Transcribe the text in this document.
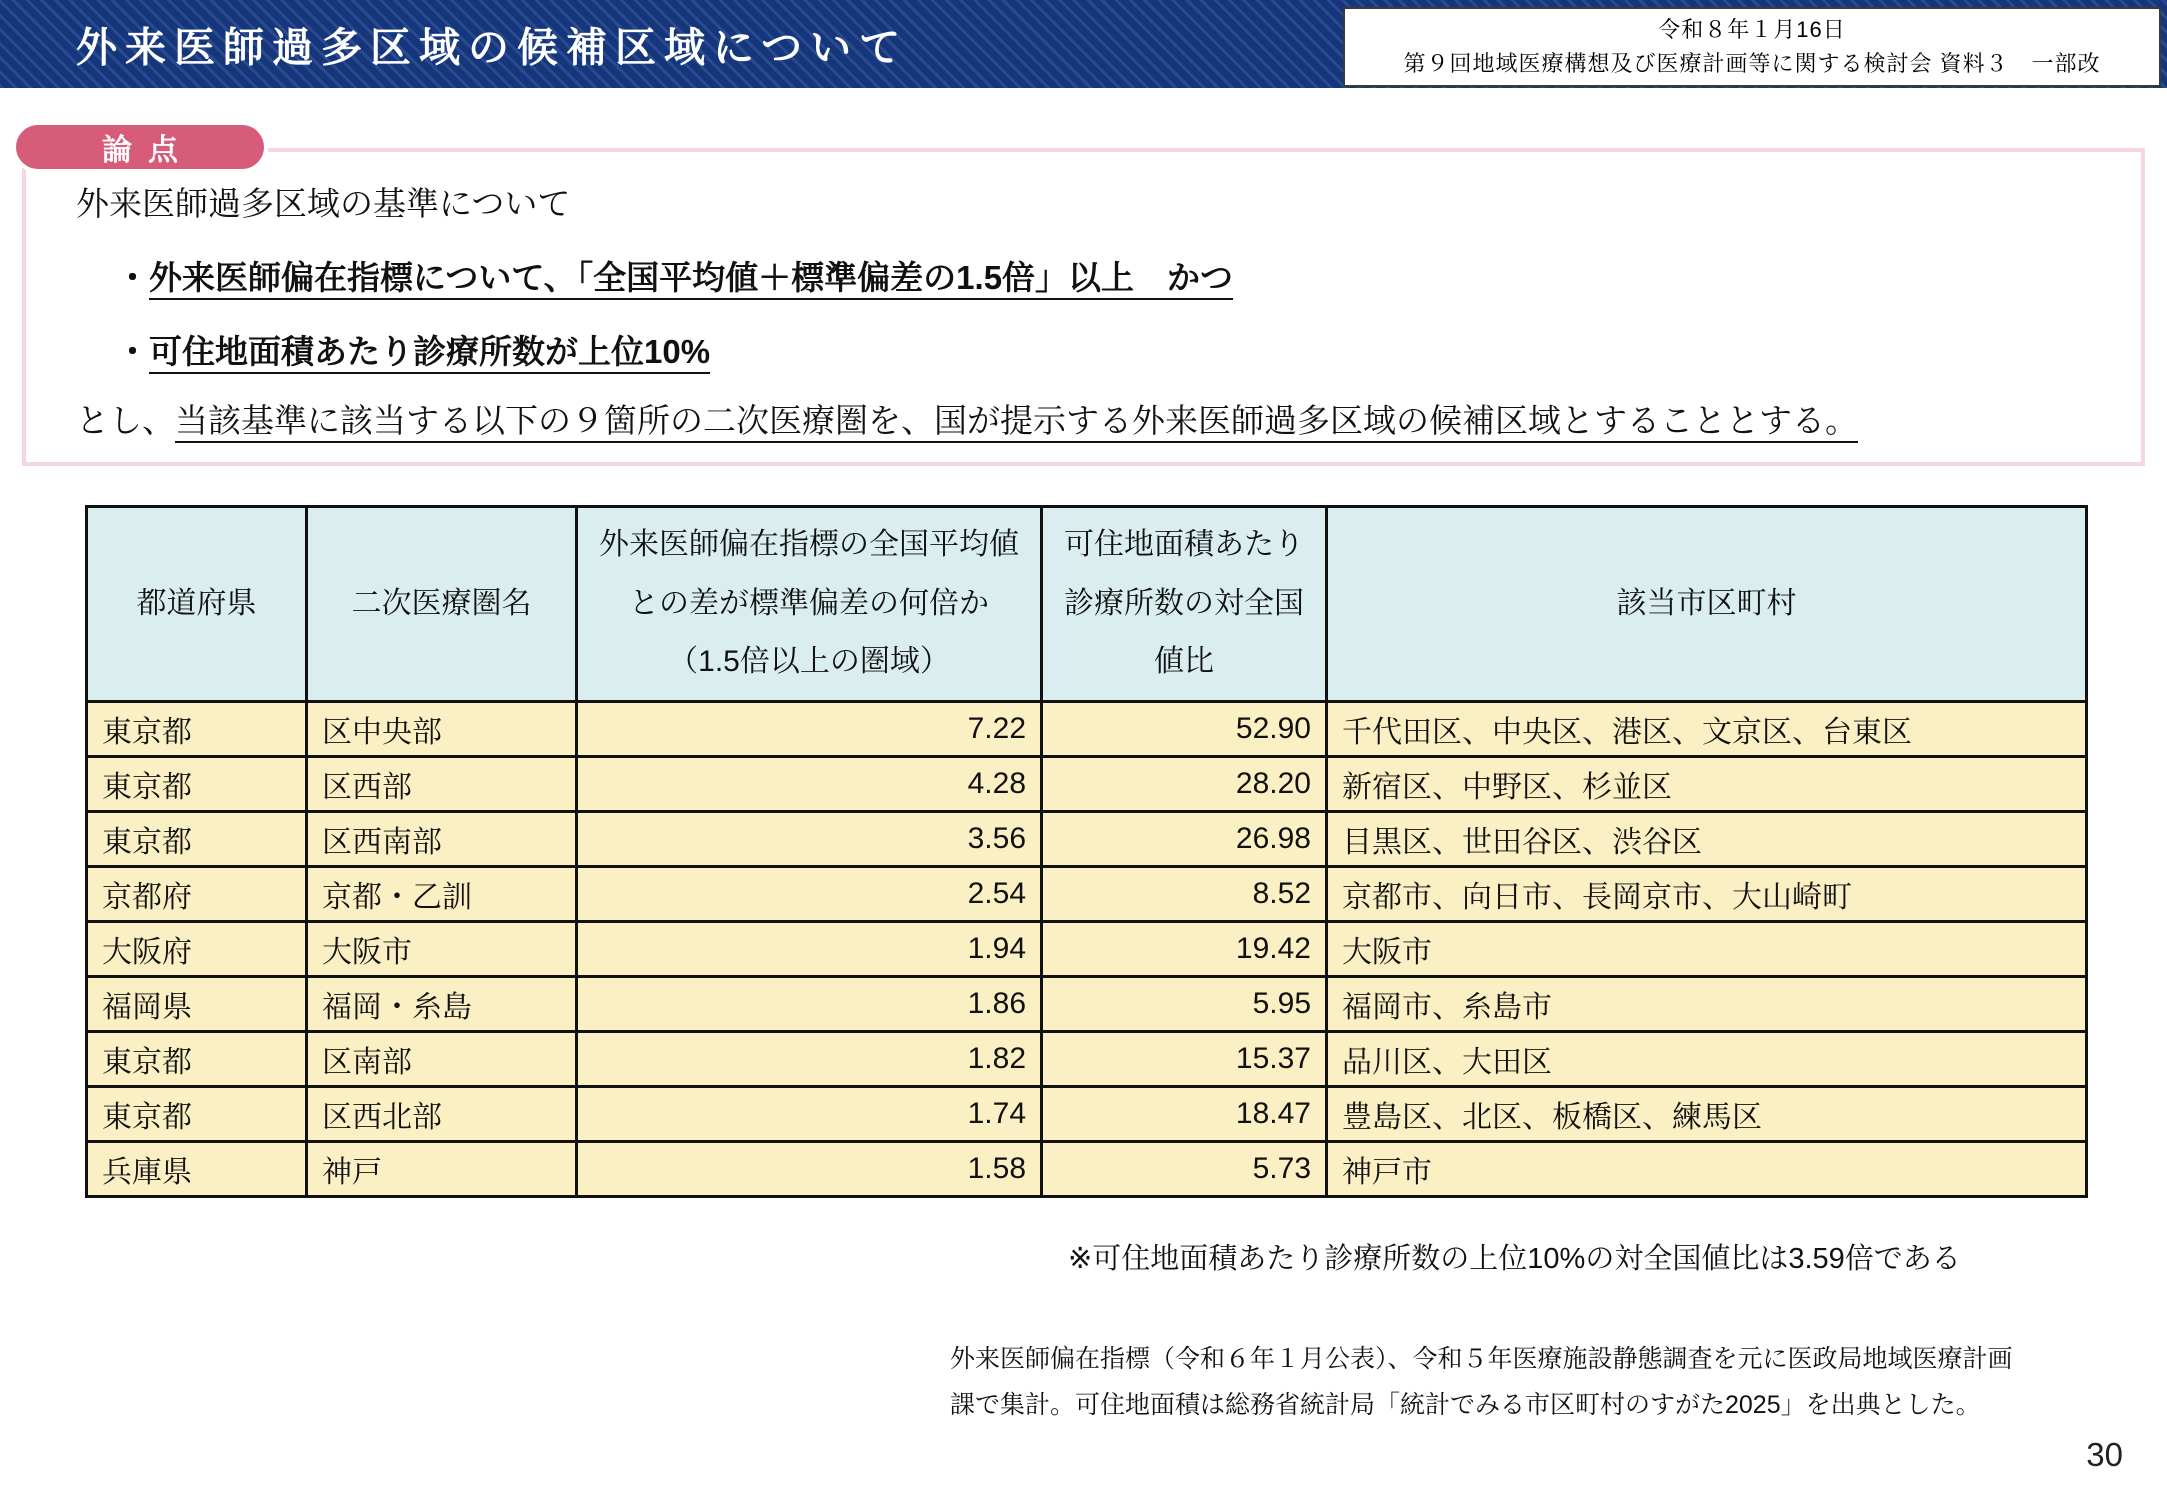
外来医師過多区域の候補区域について	令和８年１月16日
第９回地域医療構想及び医療計画等に関する検討会 資料３　一部改
論点

外来医師過多区域の基準について

・外来医師偏在指標について、「全国平均値＋標準偏差の1.5倍」以上　かつ

・可住地面積あたり診療所数が上位10%

とし、当該基準に該当する以下の９箇所の二次医療圏を、国が提示する外来医師過多区域の候補区域とすることとする。

都道府県	二次医療圏名	外来医師偏在指標の全国平均値との差が標準偏差の何倍か（1.5倍以上の圏域）	可住地面積あたり診療所数の対全国値比	該当市区町村
東京都	区中央部	7.22	52.90	千代田区、中央区、港区、文京区、台東区
東京都	区西部	4.28	28.20	新宿区、中野区、杉並区
東京都	区西南部	3.56	26.98	目黒区、世田谷区、渋谷区
京都府	京都・乙訓	2.54	8.52	京都市、向日市、長岡京市、大山崎町
大阪府	大阪市	1.94	19.42	大阪市
福岡県	福岡・糸島	1.86	5.95	福岡市、糸島市
東京都	区南部	1.82	15.37	品川区、大田区
東京都	区西北部	1.74	18.47	豊島区、北区、板橋区、練馬区
兵庫県	神戸	1.58	5.73	神戸市
※可住地面積あたり診療所数の上位10%の対全国値比は3.59倍である
外来医師偏在指標（令和６年１月公表）、令和５年医療施設静態調査を元に医政局地域医療計画
課で集計。可住地面積は総務省統計局「統計でみる市区町村のすがた2025」を出典とした。
30
